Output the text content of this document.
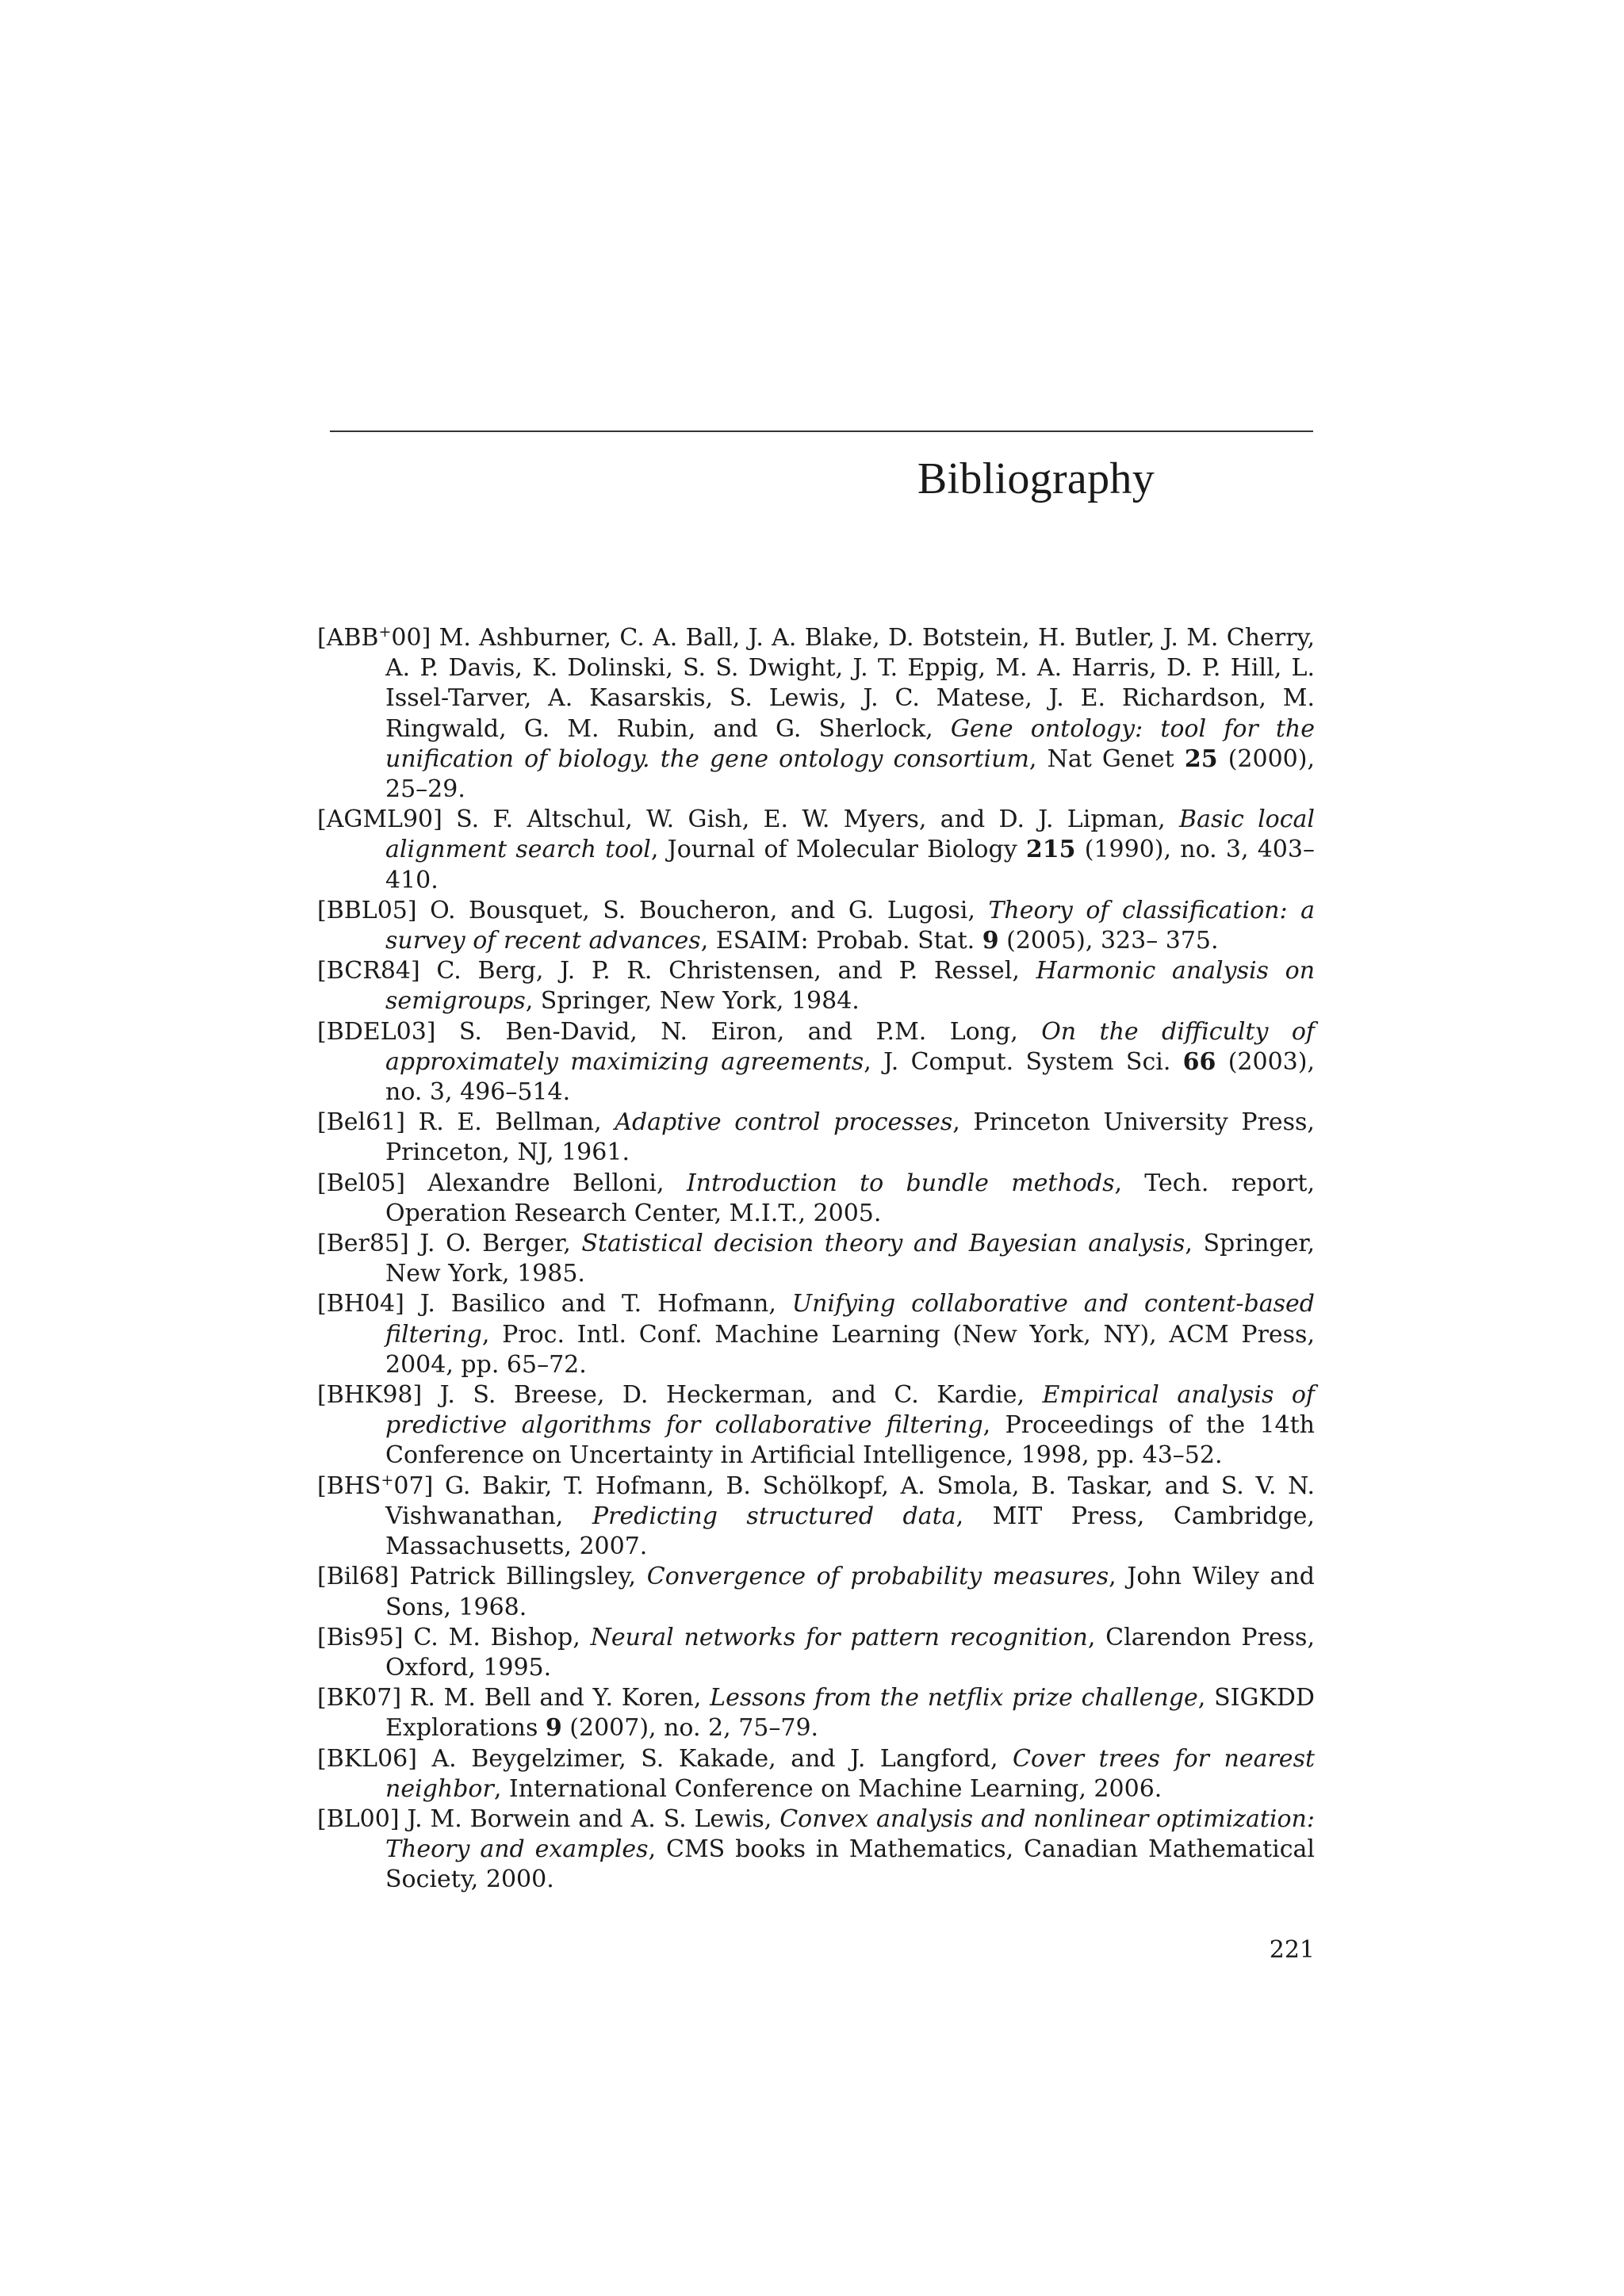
Bibliography

[ABB+00] M. Ashburner, C. A. Ball, J. A. Blake, D. Botstein, H. Butler, J. M. Cherry, A. P. Davis, K. Dolinski, S. S. Dwight, J. T. Eppig, M. A. Harris, D. P. Hill, L. Issel-Tarver, A. Kasarskis, S. Lewis, J. C. Matese, J. E. Richardson, M. Ringwald, G. M. Rubin, and G. Sherlock, Gene ontology: tool for the unification of biology. the gene ontology consortium, Nat Genet 25 (2000), 25–29.

[AGML90] S. F. Altschul, W. Gish, E. W. Myers, and D. J. Lipman, Basic local alignment search tool, Journal of Molecular Biology 215 (1990), no. 3, 403–410.

[BBL05] O. Bousquet, S. Boucheron, and G. Lugosi, Theory of classification: a survey of recent advances, ESAIM: Probab. Stat. 9 (2005), 323– 375.

[BCR84] C. Berg, J. P. R. Christensen, and P. Ressel, Harmonic analysis on semigroups, Springer, New York, 1984.

[BDEL03] S. Ben-David, N. Eiron, and P.M. Long, On the difficulty of approximately maximizing agreements, J. Comput. System Sci. 66 (2003), no. 3, 496–514.

[Bel61] R. E. Bellman, Adaptive control processes, Princeton University Press, Princeton, NJ, 1961.

[Bel05] Alexandre Belloni, Introduction to bundle methods, Tech. report, Operation Research Center, M.I.T., 2005.

[Ber85] J. O. Berger, Statistical decision theory and Bayesian analysis, Springer, New York, 1985.

[BH04] J. Basilico and T. Hofmann, Unifying collaborative and content-based filtering, Proc. Intl. Conf. Machine Learning (New York, NY), ACM Press, 2004, pp. 65–72.

[BHK98] J. S. Breese, D. Heckerman, and C. Kardie, Empirical analysis of predictive algorithms for collaborative filtering, Proceedings of the 14th Conference on Uncertainty in Artificial Intelligence, 1998, pp. 43–52.

[BHS+07] G. Bakir, T. Hofmann, B. Schölkopf, A. Smola, B. Taskar, and S. V. N. Vishwanathan, Predicting structured data, MIT Press, Cambridge, Massachusetts, 2007.

[Bil68] Patrick Billingsley, Convergence of probability measures, John Wiley and Sons, 1968.

[Bis95] C. M. Bishop, Neural networks for pattern recognition, Clarendon Press, Oxford, 1995.

[BK07] R. M. Bell and Y. Koren, Lessons from the netflix prize challenge, SIGKDD Explorations 9 (2007), no. 2, 75–79.

[BKL06] A. Beygelzimer, S. Kakade, and J. Langford, Cover trees for nearest neighbor, International Conference on Machine Learning, 2006.

[BL00] J. M. Borwein and A. S. Lewis, Convex analysis and nonlinear optimization: Theory and examples, CMS books in Mathematics, Canadian Mathematical Society, 2000.

221
